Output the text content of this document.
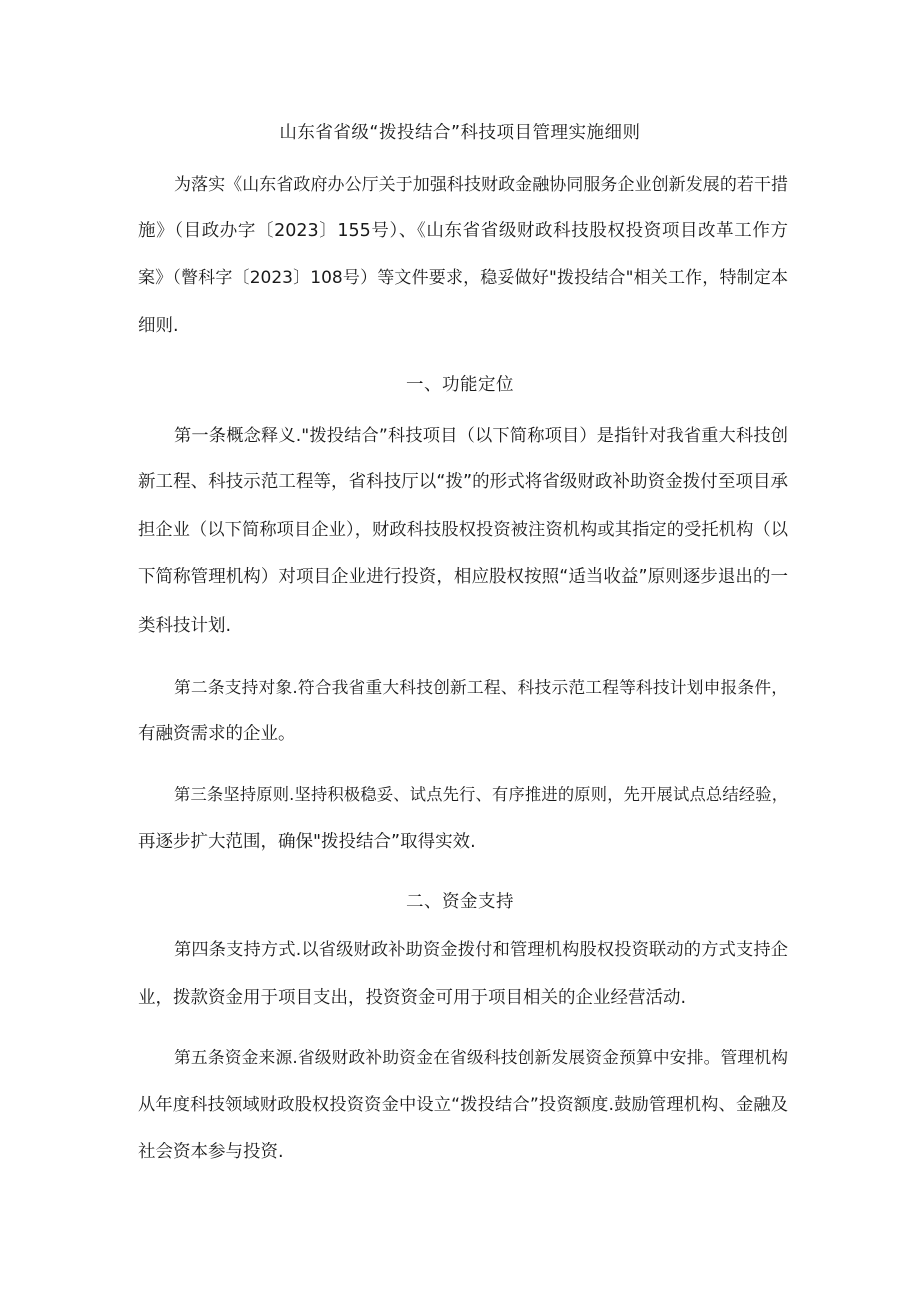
山东省省级“拨投结合”科技项目管理实施细则
为落实《山东省政府办公厅关于加强科技财政金融协同服务企业创新发展的若干措
施》（目政办字〔2023〕155号）、《山东省省级财政科技股权投资项目改革工作方
案》（瞥科字〔2023〕108号）等文件要求，稳妥做好"拨投结合"相关工作，特制定本
细则.
一、功能定位
第一条概念释义."拨投结合”科技项目（以下简称项目）是指针对我省重大科技创
新工程、科技示范工程等，省科技厅以“拨”的形式将省级财政补助资金拨付至项目承
担企业（以下简称项目企业），财政科技股权投资被注资机构或其指定的受托机构（以
下简称管理机构）对项目企业进行投资，相应股权按照“适当收益”原则逐步退出的一
类科技计划.
第二条支持对象.符合我省重大科技创新工程、科技示范工程等科技计划申报条件，
有融资需求的企业。
第三条坚持原则.坚持积极稳妥、试点先行、有序推进的原则，先开展试点总结经验，
再逐步扩大范围，确保"拨投结合”取得实效.
二、资金支持
第四条支持方式.以省级财政补助资金拨付和管理机构股权投资联动的方式支持企
业，拨款资金用于项目支出，投资资金可用于项目相关的企业经营活动.
第五条资金来源.省级财政补助资金在省级科技创新发展资金预算中安排。管理机构
从年度科技领域财政股权投资资金中设立“拨投结合”投资额度.鼓励管理机构、金融及
社会资本参与投资.
